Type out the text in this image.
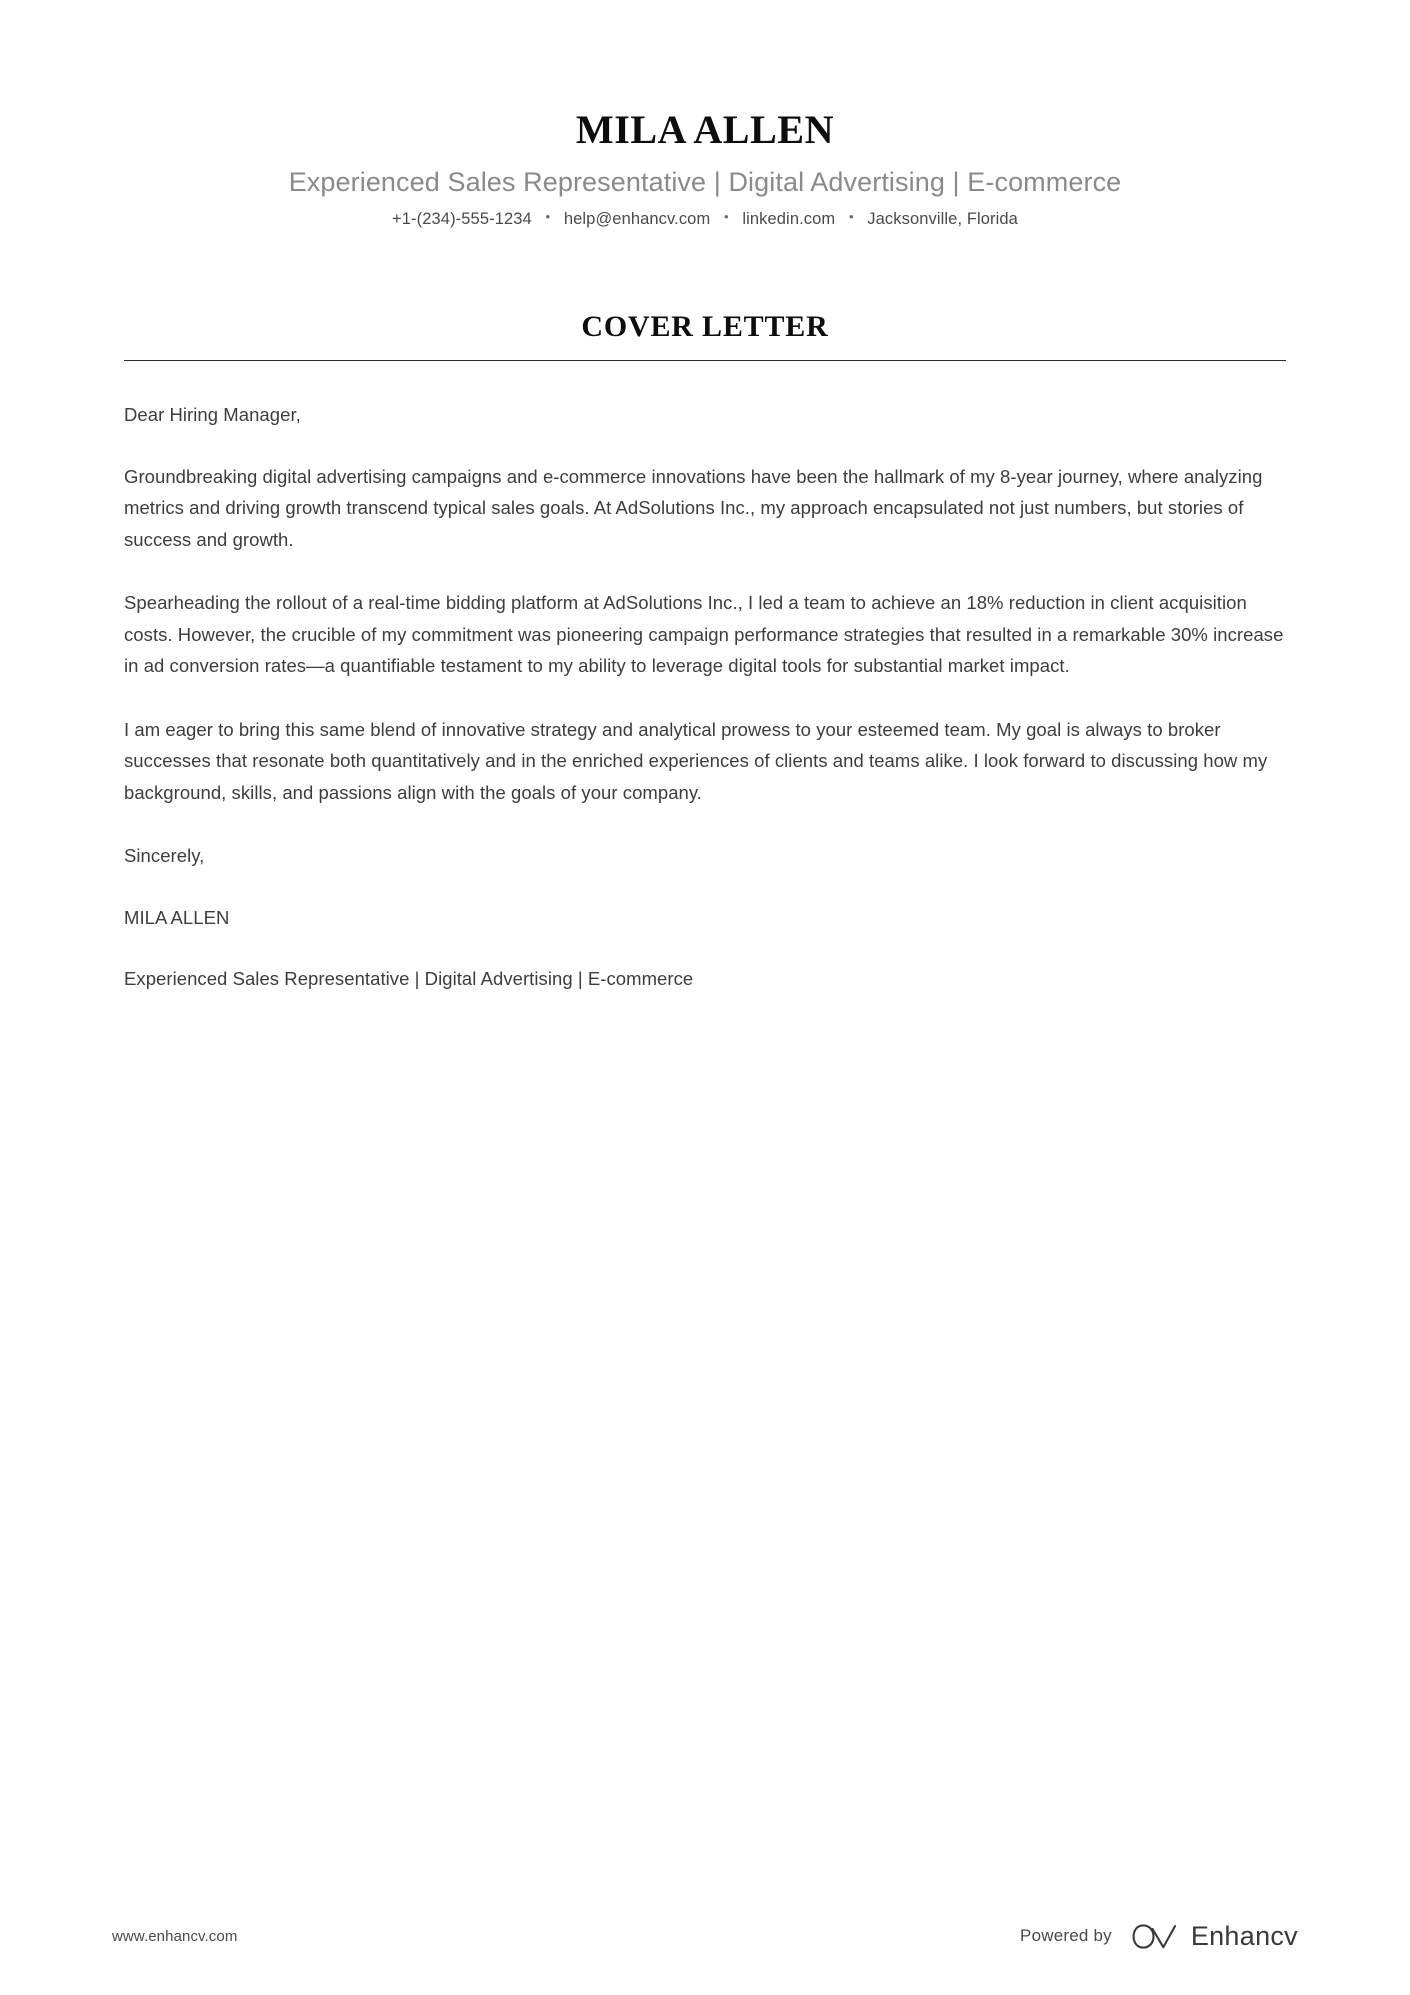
MILA ALLEN
Experienced Sales Representative | Digital Advertising | E-commerce
+1-(234)-555-1234 • help@enhancv.com • linkedin.com • Jacksonville, Florida
COVER LETTER

Dear Hiring Manager,

Groundbreaking digital advertising campaigns and e-commerce innovations have been the hallmark of my 8-year journey, where analyzing metrics and driving growth transcend typical sales goals. At AdSolutions Inc., my approach encapsulated not just numbers, but stories of success and growth.

Spearheading the rollout of a real-time bidding platform at AdSolutions Inc., I led a team to achieve an 18% reduction in client acquisition costs. However, the crucible of my commitment was pioneering campaign performance strategies that resulted in a remarkable 30% increase in ad conversion rates—a quantifiable testament to my ability to leverage digital tools for substantial market impact.

I am eager to bring this same blend of innovative strategy and analytical prowess to your esteemed team. My goal is always to broker successes that resonate both quantitatively and in the enriched experiences of clients and teams alike. I look forward to discussing how my background, skills, and passions align with the goals of your company.

Sincerely,

MILA ALLEN

Experienced Sales Representative | Digital Advertising | E-commerce

www.enhancv.com	Powered by	Enhancv
